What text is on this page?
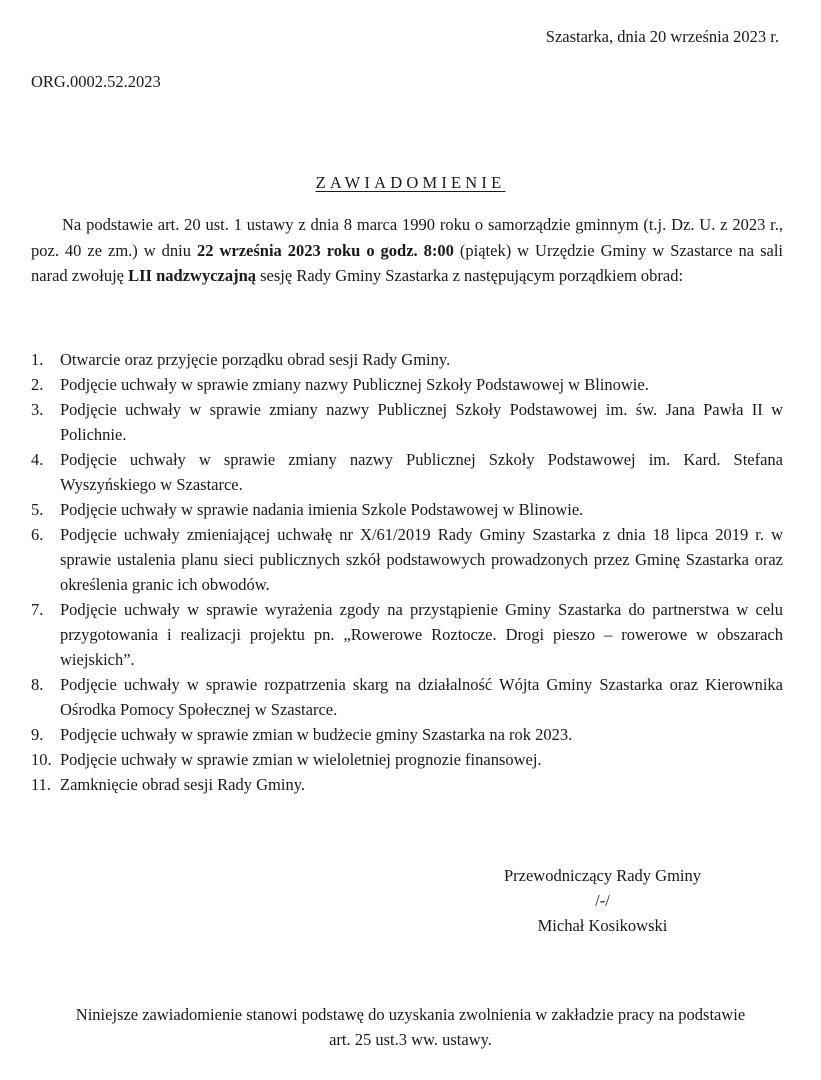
Szastarka, dnia 20 września 2023 r.
ORG.0002.52.2023
ZAWIADOMIENIE
Na podstawie art. 20 ust. 1 ustawy z dnia 8 marca 1990 roku o samorządzie gminnym (t.j. Dz. U. z 2023 r., poz. 40 ze zm.) w dniu 22 września 2023 roku o godz. 8:00 (piątek) w Urzędzie Gminy w Szastarce na sali narad zwołuję LII nadzwyczajną sesję Rady Gminy Szastarka z następującym porządkiem obrad:
1. Otwarcie oraz przyjęcie porządku obrad sesji Rady Gminy.
2. Podjęcie uchwały w sprawie zmiany nazwy Publicznej Szkoły Podstawowej w Blinowie.
3. Podjęcie uchwały w sprawie zmiany nazwy Publicznej Szkoły Podstawowej im. św. Jana Pawła II w Polichnie.
4. Podjęcie uchwały w sprawie zmiany nazwy Publicznej Szkoły Podstawowej im. Kard. Stefana Wyszyńskiego w Szastarce.
5. Podjęcie uchwały w sprawie nadania imienia Szkole Podstawowej w Blinowie.
6. Podjęcie uchwały zmieniającej uchwałę nr X/61/2019 Rady Gminy Szastarka z dnia 18 lipca 2019 r. w sprawie ustalenia planu sieci publicznych szkół podstawowych prowadzonych przez Gminę Szastarka oraz określenia granic ich obwodów.
7. Podjęcie uchwały w sprawie wyrażenia zgody na przystąpienie Gminy Szastarka do partnerstwa w celu przygotowania i realizacji projektu pn. „Rowerowe Roztocze. Drogi pieszo – rowerowe w obszarach wiejskich”.
8. Podjęcie uchwały w sprawie rozpatrzenia skarg na działalność Wójta Gminy Szastarka oraz Kierownika Ośrodka Pomocy Społecznej w Szastarce.
9. Podjęcie uchwały w sprawie zmian w budżecie gminy Szastarka na rok 2023.
10. Podjęcie uchwały w sprawie zmian w wieloletniej prognozie finansowej.
11. Zamknięcie obrad sesji Rady Gminy.
Przewodniczący Rady Gminy
/-/
Michał Kosikowski
Niniejsze zawiadomienie stanowi podstawę do uzyskania zwolnienia w zakładzie pracy na podstawie
art. 25 ust.3 ww. ustawy.
